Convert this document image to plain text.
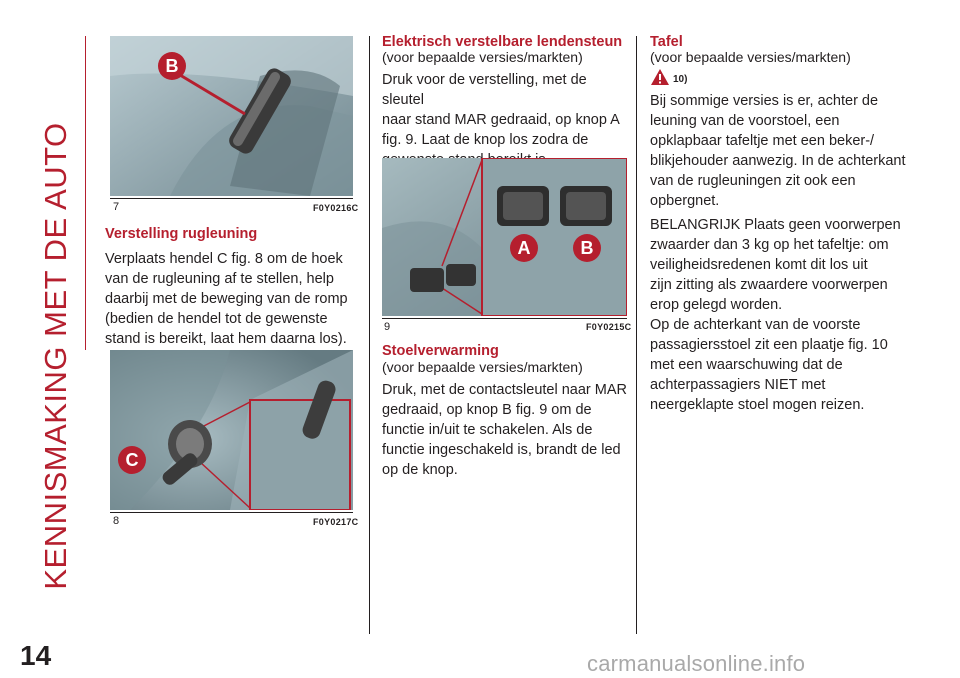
KENNISMAKING MET DE AUTO
14	carmanualsonline.info
B
7	F0Y0216C
Verstelling rugleuning
Verplaats hendel C fig. 8 om de hoek
van de rugleuning af te stellen, help
daarbij met de beweging van de romp
(bedien de hendel tot de gewenste
stand is bereikt, laat hem daarna los).
C
8	F0Y0217C
Elektrisch verstelbare lendensteun
(voor bepaalde versies/markten)
Druk voor de verstelling, met de sleutel
naar stand MAR gedraaid, op knop A
fig. 9. Laat de knop los zodra de
A	B
9	F0Y0215C
Stoelverwarming
(voor bepaalde versies/markten)
Druk, met de contactsleutel naar MAR
gedraaid, op knop B fig. 9 om de
functie in/uit te schakelen. Als de
functie ingeschakeld is, brandt de led
op de knop.
Tafel
(voor bepaalde versies/markten)
10)
Bij sommige versies is er, achter de
leuning van de voorstoel, een
opklapbaar tafeltje met een beker-/
blikjehouder aanwezig. In de achterkant
van de rugleuningen zit ook een
opbergnet.
BELANGRIJK Plaats geen voorwerpen
zwaarder dan 3 kg op het tafeltje: om
veiligheidsredenen komt dit los uit
zijn zitting als zwaardere voorwerpen
erop gelegd worden.
Op de achterkant van de voorste
passagiersstoel zit een plaatje fig. 10
met een waarschuwing dat de
achterpassagiers NIET met
neergeklapte stoel mogen reizen.
